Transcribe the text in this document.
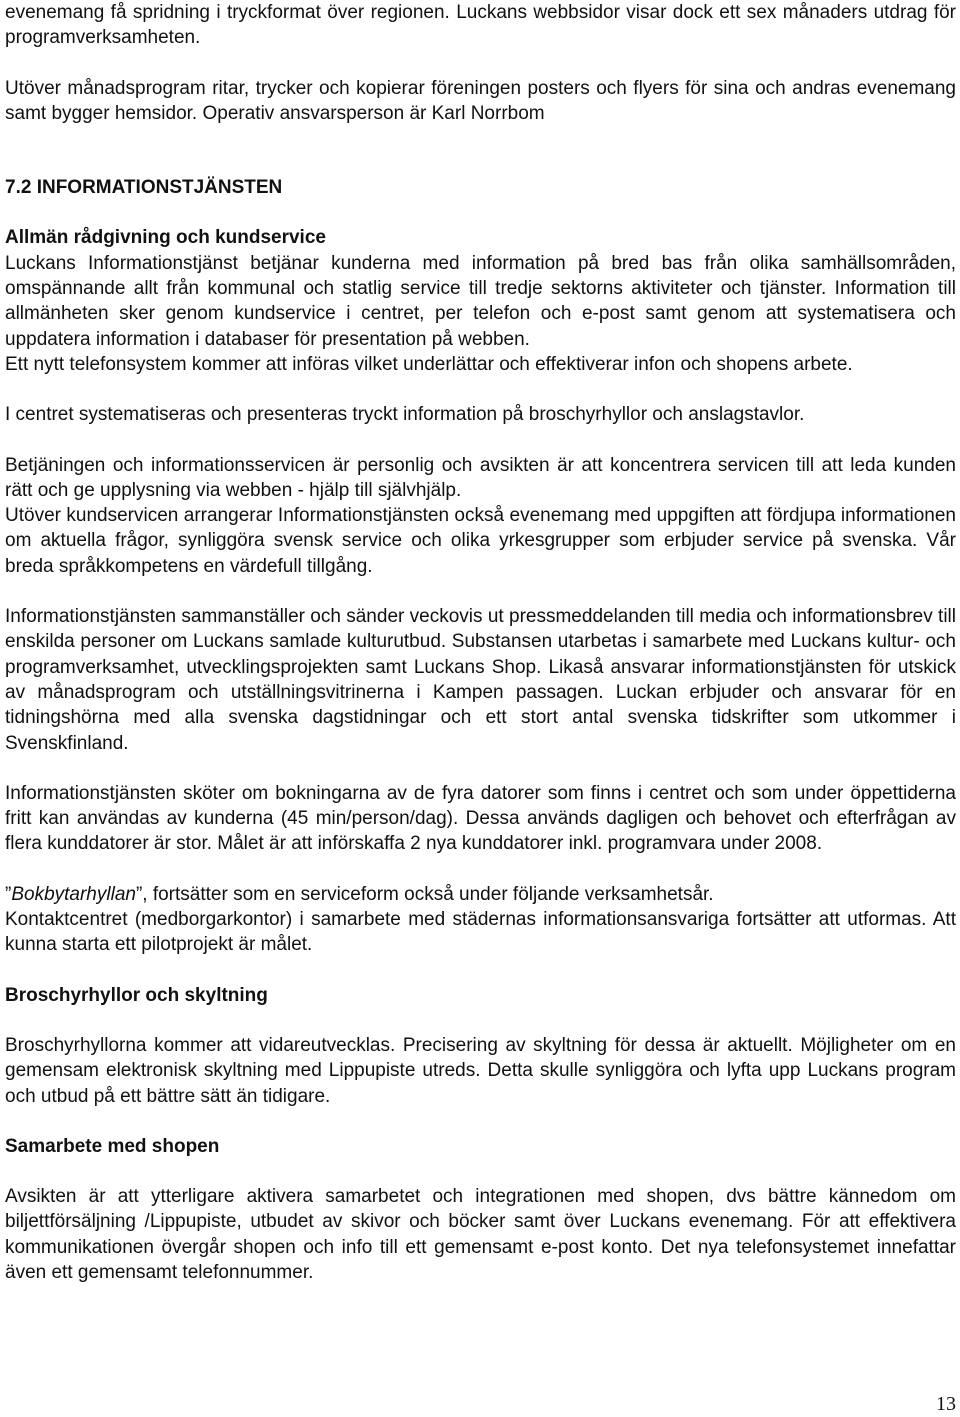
evenemang få spridning i tryckformat över regionen. Luckans webbsidor visar dock ett sex månaders utdrag för programverksamheten.

Utöver månadsprogram ritar, trycker och kopierar föreningen posters och flyers för sina och andras evenemang samt bygger hemsidor. Operativ ansvarsperson är Karl Norrbom

7.2 INFORMATIONSTJÄNSTEN
Allmän rådgivning och kundservice

Luckans Informationstjänst betjänar kunderna med information på bred bas från olika samhällsområden, omspännande allt från kommunal och statlig service till tredje sektorns aktiviteter och tjänster. Information till allmänheten sker genom kundservice i centret, per telefon och e-post samt genom att systematisera och uppdatera information i databaser för presentation på webben.

Ett nytt telefonsystem kommer att införas vilket underlättar och effektiverar infon och shopens arbete.

I centret systematiseras och presenteras tryckt information på broschyrhyllor och anslagstavlor.

Betjäningen och informationsservicen är personlig och avsikten är att koncentrera servicen till att leda kunden rätt och ge upplysning via webben - hjälp till självhjälp.

Utöver kundservicen arrangerar Informationstjänsten också evenemang med uppgiften att fördjupa informationen om aktuella frågor, synliggöra svensk service och olika yrkesgrupper som erbjuder service på svenska. Vår breda språkkompetens en värdefull tillgång.

Informationstjänsten sammanställer och sänder veckovis ut pressmeddelanden till media och informationsbrev till enskilda personer om Luckans samlade kulturutbud. Substansen utarbetas i samarbete med Luckans kultur- och programverksamhet, utvecklingsprojekten samt Luckans Shop. Likaså ansvarar informationstjänsten för utskick av månadsprogram och utställningsvitrinerna i Kampen passagen. Luckan erbjuder och ansvarar för en tidningshörna med alla svenska dagstidningar och ett stort antal svenska tidskrifter som utkommer i Svenskfinland.

Informationstjänsten sköter om bokningarna av de fyra datorer som finns i centret och som under öppettiderna fritt kan användas av kunderna (45 min/person/dag). Dessa används dagligen och behovet och efterfrågan av flera kunddatorer är stor. Målet är att införskaffa 2 nya kunddatorer inkl. programvara under 2008.

”Bokbytarhyllan”, fortsätter som en serviceform också under följande verksamhetsår.

Kontaktcentret (medborgarkontor) i samarbete med städernas informationsansvariga fortsätter att utformas. Att kunna starta ett pilotprojekt är målet.

Broschyrhyllor och skyltning

Broschyrhyllorna kommer att vidareutvecklas. Precisering av skyltning för dessa är aktuellt. Möjligheter om en gemensam elektronisk skyltning med Lippupiste utreds. Detta skulle synliggöra och lyfta upp Luckans program och utbud på ett bättre sätt än tidigare.

Samarbete med shopen

Avsikten är att ytterligare aktivera samarbetet och integrationen med shopen, dvs bättre kännedom om biljettförsäljning /Lippupiste, utbudet av skivor och böcker samt över Luckans evenemang. För att effektivera kommunikationen övergår shopen och info till ett gemensamt e-post konto. Det nya telefonsystemet innefattar även ett gemensamt telefonnummer.

13
